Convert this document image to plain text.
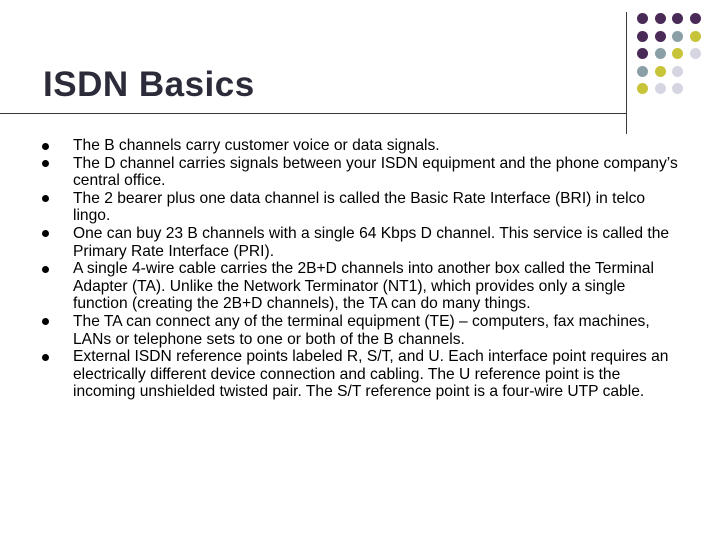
ISDN Basics
The B channels carry customer voice or data signals.
The D channel carries signals between your ISDN equipment and the phone company’s central office.
The 2 bearer plus one data channel is called the Basic Rate Interface (BRI) in telco lingo.
One can buy 23 B channels with a single 64 Kbps D channel. This service is called the Primary Rate Interface (PRI).
A single 4-wire cable carries the 2B+D channels into another box called the Terminal Adapter (TA). Unlike the Network Terminator (NT1), which provides only a single function (creating the 2B+D channels), the TA can do many things.
The TA can connect any of the terminal equipment (TE) – computers, fax machines, LANs or telephone sets to one or both of the B channels.
External ISDN reference points labeled R, S/T, and U. Each interface point requires an electrically different device connection and cabling. The U reference point is the incoming unshielded twisted pair. The S/T reference point is a four-wire UTP cable.
